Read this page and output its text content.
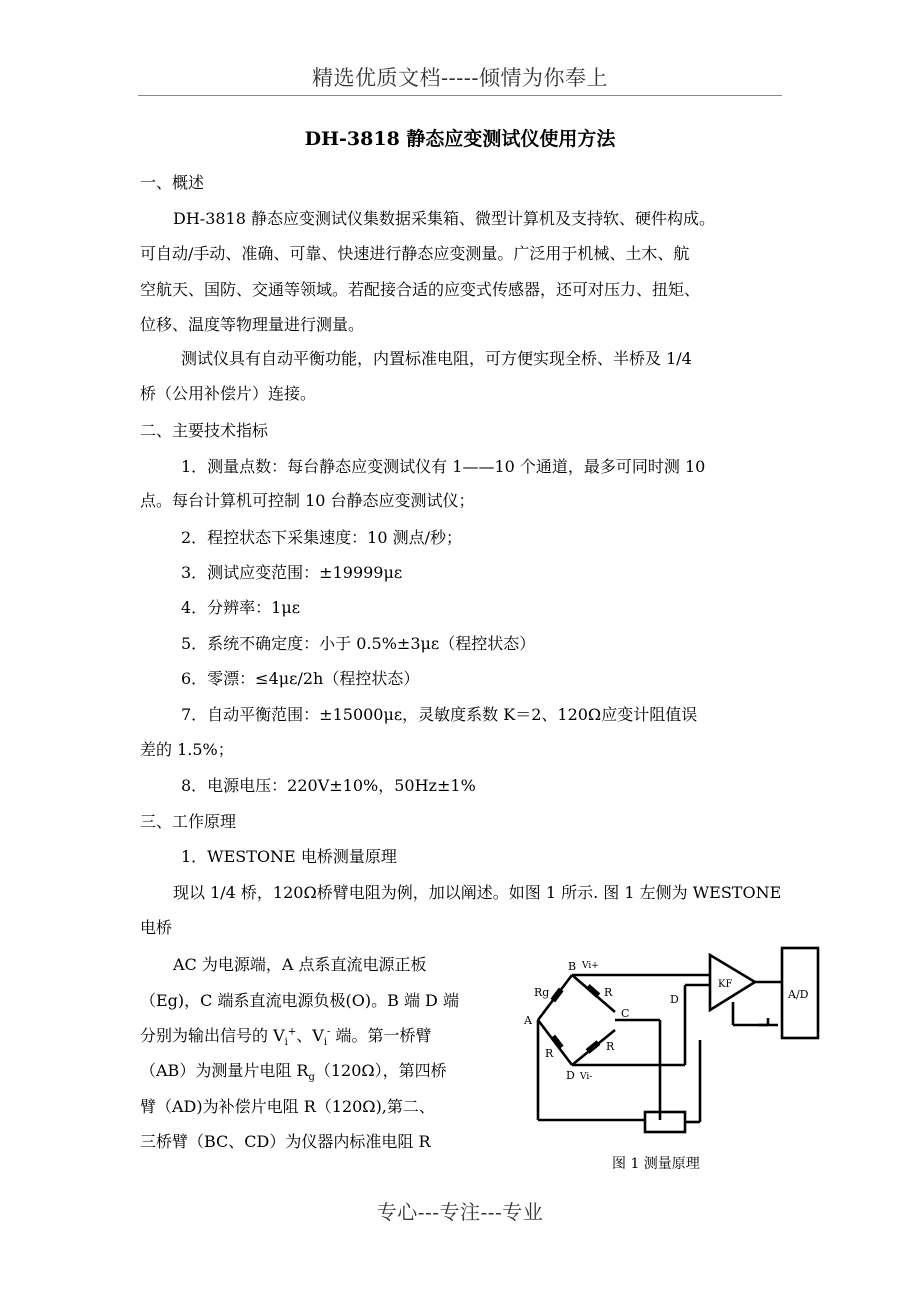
精选优质文档-----倾情为你奉上
DH-3818 静态应变测试仪使用方法
一、概述
DH-3818 静态应变测试仪集数据采集箱、微型计算机及支持软、硬件构成。
可自动/手动、准确、可靠、快速进行静态应变测量。广泛用于机械、土木、航
空航天、国防、交通等领域。若配接合适的应变式传感器，还可对压力、扭矩、
位移、温度等物理量进行测量。
测试仪具有自动平衡功能，内置标准电阻，可方便实现全桥、半桥及 1/4
桥（公用补偿片）连接。
二、主要技术指标
1．测量点数：每台静态应变测试仪有 1——10 个通道，最多可同时测 10
点。每台计算机可控制 10 台静态应变测试仪；
2．程控状态下采集速度：10 测点/秒；
3．测试应变范围：±19999με
4．分辨率：1με
5．系统不确定度：小于 0.5%±3με（程控状态）
6．零漂：≤4με/2h（程控状态）
7．自动平衡范围：±15000με，灵敏度系数 K＝2、120Ω应变计阻值误
差的 1.5%；
8．电源电压：220V±10%，50Hz±1%
三、工作原理
1．WESTONE 电桥测量原理
现以 1/4 桥，120Ω桥臂电阻为例，加以阐述。如图 1 所示. 图 1 左侧为 WESTONE
电桥
AC 为电源端，A 点系直流电源正板
（Eg)，C 端系直流电源负极(O)。B 端 D 端
分别为输出信号的 $V_i^+$、$V_i^-$ 端。第一桥臂
（AB）为测量片电阻 $R_g(120\Omega)$，第四桥
臂（AD)为补偿片电阻 R（120Ω),第二、
三桥臂（BC、CD）为仪器内标准电阻 R
B Vi+
Rg	R
A
C
R
R
D Vi-
D
KF
A/D
图 1 测量原理
专心---专注---专业
